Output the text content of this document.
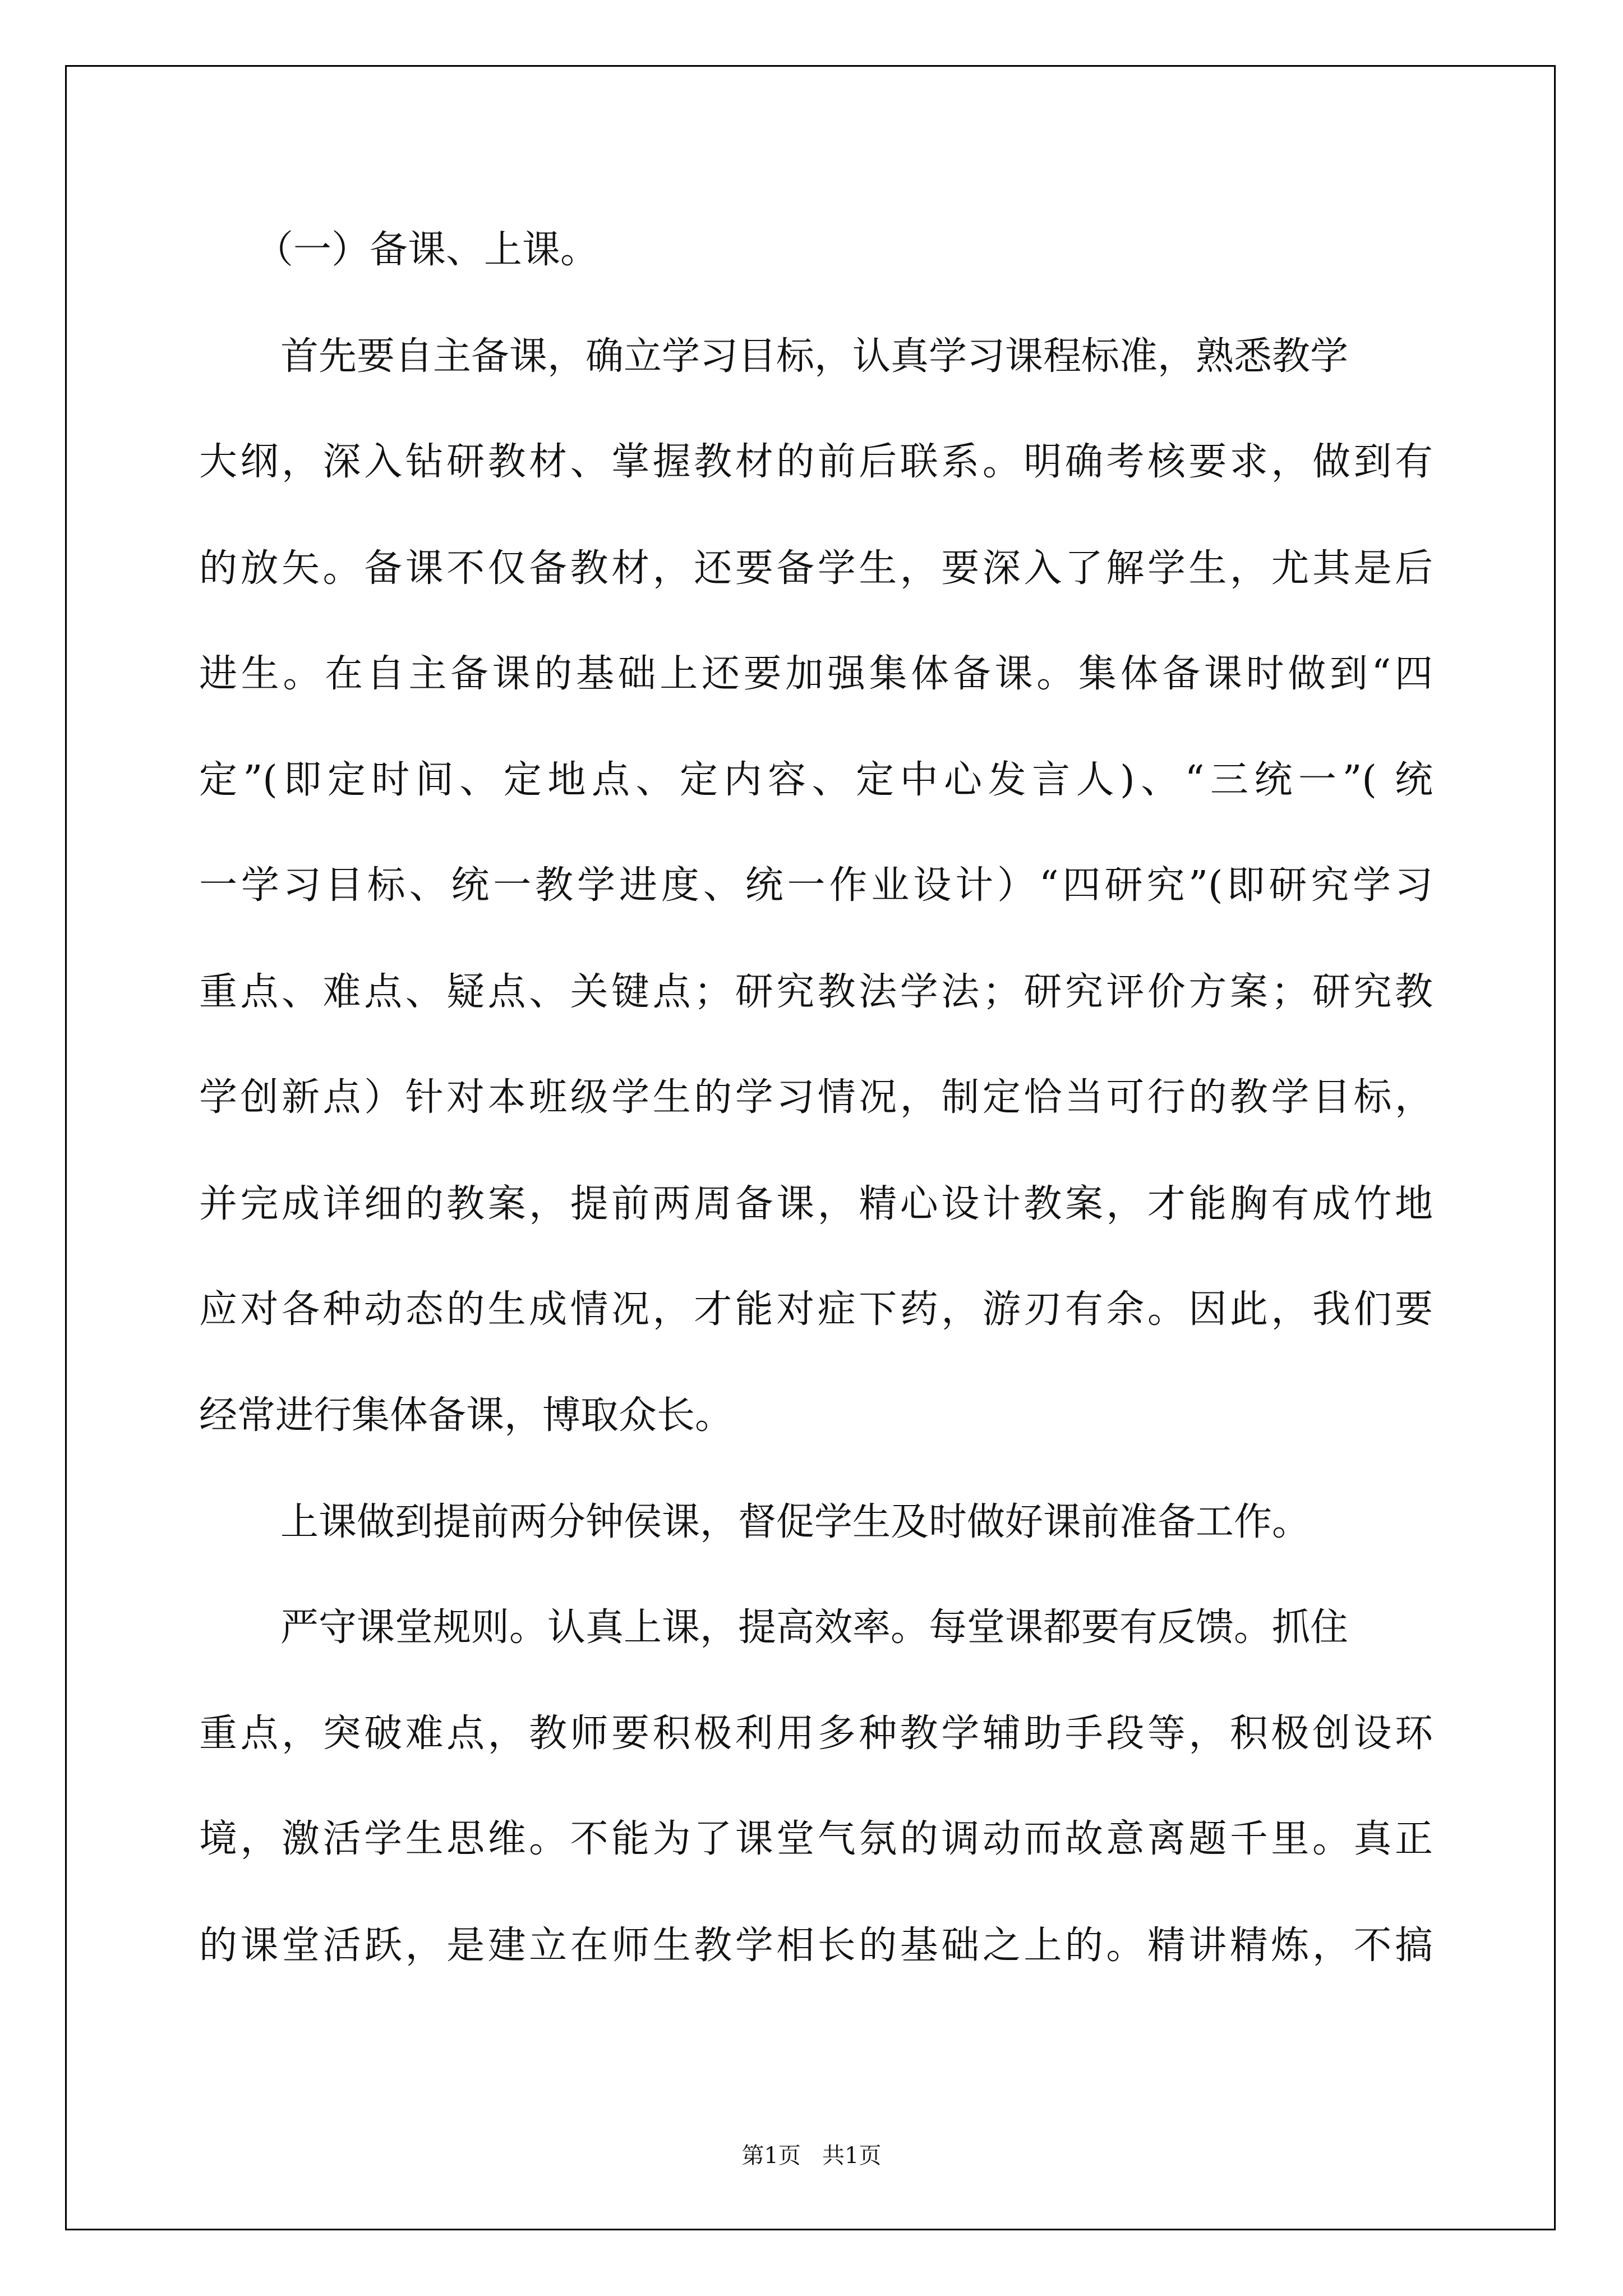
（一）备课、上课。
首先要自主备课，确立学习目标，认真学习课程标准，熟悉教学
大纲，深入钻研教材、掌握教材的前后联系。明确考核要求，做到有
的放矢。备课不仅备教材，还要备学生，要深入了解学生，尤其是后
进生。在自主备课的基础上还要加强集体备课。集体备课时做到“四
定”(即定时间、定地点、定内容、定中心发言人)、“三统一”( 统
一学习目标、统一教学进度、统一作业设计）“四研究”(即研究学习
重点、难点、疑点、关键点；研究教法学法；研究评价方案；研究教
学创新点）针对本班级学生的学习情况，制定恰当可行的教学目标，
并完成详细的教案，提前两周备课，精心设计教案，才能胸有成竹地
应对各种动态的生成情况，才能对症下药，游刃有余。因此，我们要
经常进行集体备课，博取众长。
上课做到提前两分钟侯课，督促学生及时做好课前准备工作。
严守课堂规则。认真上课，提高效率。每堂课都要有反馈。抓住
重点，突破难点，教师要积极利用多种教学辅助手段等，积极创设环
境，激活学生思维。不能为了课堂气氛的调动而故意离题千里。真正
的课堂活跃，是建立在师生教学相长的基础之上的。精讲精炼，不搞
第1页   共1页
